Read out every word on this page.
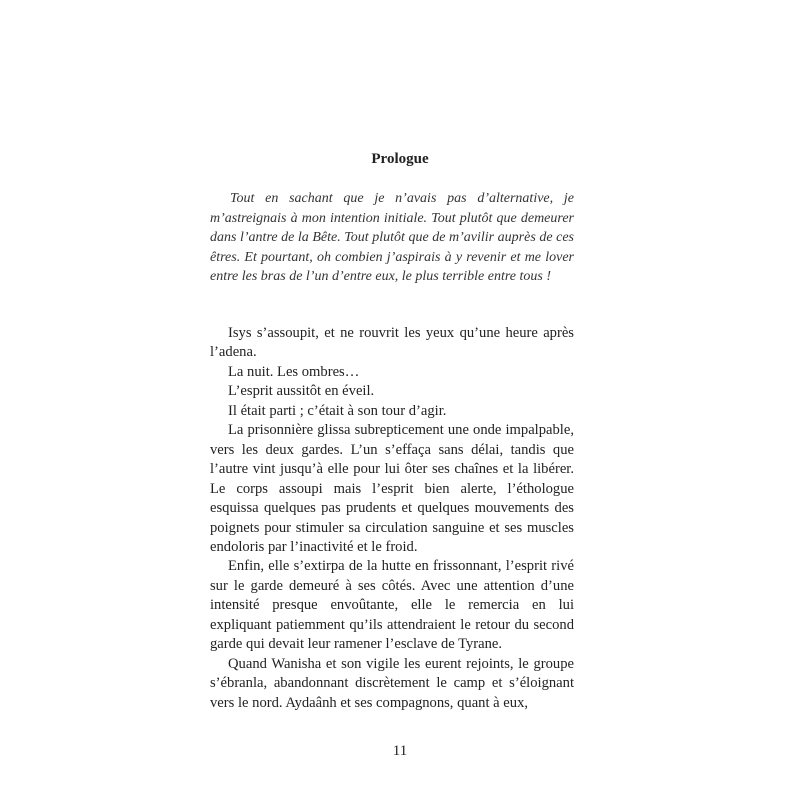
Prologue
Tout en sachant que je n’avais pas d’alternative, je m’astreignais à mon intention initiale. Tout plutôt que demeurer dans l’antre de la Bête. Tout plutôt que de m’avilir auprès de ces êtres. Et pourtant, oh combien j’aspirais à y revenir et me lover entre les bras de l’un d’entre eux, le plus terrible entre tous !

Isys s’assoupit, et ne rouvrit les yeux qu’une heure après l’adena.

La nuit. Les ombres…

L’esprit aussitôt en éveil.

Il était parti ; c’était à son tour d’agir.

La prisonnière glissa subrepticement une onde impalpable, vers les deux gardes. L’un s’effaça sans délai, tandis que l’autre vint jusqu’à elle pour lui ôter ses chaînes et la libérer. Le corps assoupi mais l’esprit bien alerte, l’éthologue esquissa quelques pas prudents et quelques mouvements des poignets pour stimuler sa circulation sanguine et ses muscles endoloris par l’inactivité et le froid.

Enfin, elle s’extirpa de la hutte en frissonnant, l’esprit rivé sur le garde demeuré à ses côtés. Avec une attention d’une intensité presque envoûtante, elle le remercia en lui expliquant patiemment qu’ils attendraient le retour du second garde qui devait leur ramener l’esclave de Tyrane.

Quand Wanisha et son vigile les eurent rejoints, le groupe s’ébranla, abandonnant discrètement le camp et s’éloignant vers le nord. Aydaânh et ses compagnons, quant à eux,

11
